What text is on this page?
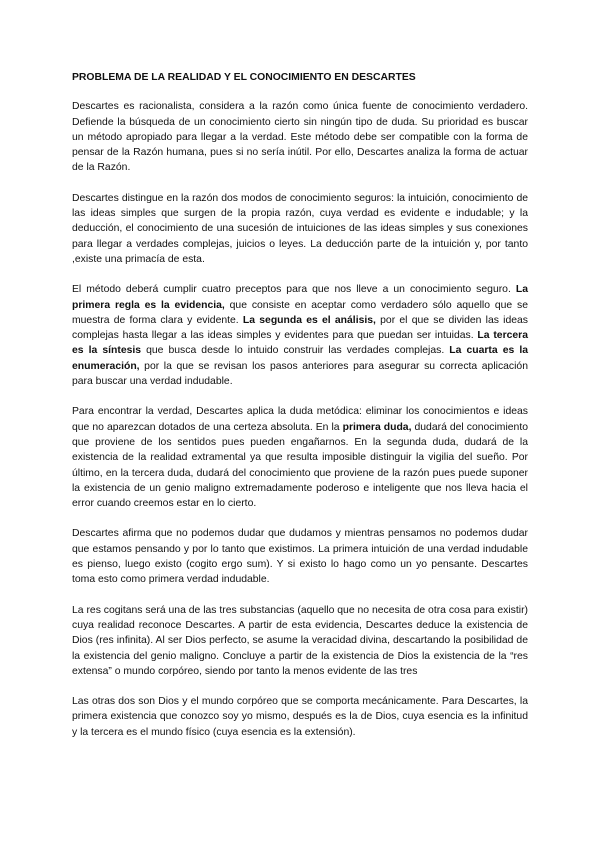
PROBLEMA DE LA REALIDAD Y EL CONOCIMIENTO EN DESCARTES

Descartes es racionalista, considera a la razón como única fuente de conocimiento verdadero. Defiende la búsqueda de un conocimiento cierto sin ningún tipo de duda. Su prioridad es buscar un método apropiado para llegar a la verdad. Este método debe ser compatible con la forma de pensar de la Razón humana, pues si no sería inútil. Por ello, Descartes analiza la forma de actuar de la Razón.

Descartes distingue en la razón dos modos de conocimiento seguros: la intuición, conocimiento de las ideas simples que surgen de la propia razón, cuya verdad es evidente e indudable; y la deducción, el conocimiento de una sucesión de intuiciones de las ideas simples y sus conexiones para llegar a verdades complejas, juicios o leyes. La deducción parte de la intuición y, por tanto ,existe una primacía de esta.

El método deberá cumplir cuatro preceptos para que nos lleve a un conocimiento seguro. La primera regla es la evidencia, que consiste en aceptar como verdadero sólo aquello que se muestra de forma clara y evidente. La segunda es el análisis, por el que se dividen las ideas complejas hasta llegar a las ideas simples y evidentes para que puedan ser intuidas. La tercera es la síntesis que busca desde lo intuido construir las verdades complejas. La cuarta es la enumeración, por la que se revisan los pasos anteriores para asegurar su correcta aplicación para buscar una verdad indudable.

Para encontrar la verdad, Descartes aplica la duda metódica: eliminar los conocimientos e ideas que no aparezcan dotados de una certeza absoluta. En la primera duda, dudará del conocimiento que proviene de los sentidos pues pueden engañarnos. En la segunda duda, dudará de la existencia de la realidad extramental ya que resulta imposible distinguir la vigilia del sueño. Por último, en la tercera duda, dudará del conocimiento que proviene de la razón pues puede suponer la existencia de un genio maligno extremadamente poderoso e inteligente que nos lleva hacia el error cuando creemos estar en lo cierto.

Descartes afirma que no podemos dudar que dudamos y mientras pensamos no podemos dudar que estamos pensando y por lo tanto que existimos. La primera intuición de una verdad indudable es pienso, luego existo (cogito ergo sum). Y si existo lo hago como un yo pensante. Descartes toma esto como primera verdad indudable.

La res cogitans será una de las tres substancias (aquello que no necesita de otra cosa para existir) cuya realidad reconoce Descartes. A partir de esta evidencia, Descartes deduce la existencia de Dios (res infinita). Al ser Dios perfecto, se asume la veracidad divina, descartando la posibilidad de la existencia del genio maligno. Concluye a partir de la existencia de Dios la existencia de la “res extensa” o mundo corpóreo, siendo por tanto la menos evidente de las tres

Las otras dos son Dios y el mundo corpóreo que se comporta mecánicamente. Para Descartes, la primera existencia que conozco soy yo mismo, después es la de Dios, cuya esencia es la infinitud y la tercera es el mundo físico (cuya esencia es la extensión).
